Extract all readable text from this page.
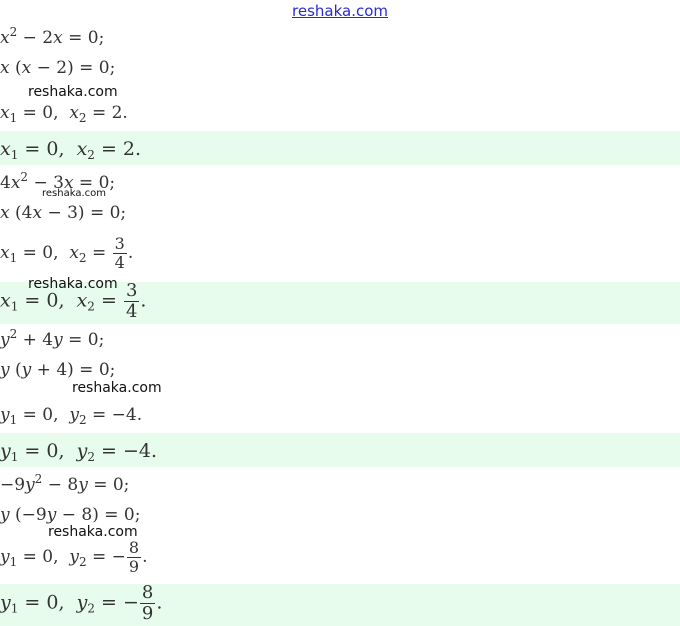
reshaka.com
$x^2 - 2x = 0$;
x (x − 2) = 0;
$x_1 = 0$,  $x_2 = 2$.
$x_1 = 0$,  $x_2 = 2$.
$4x^2 - 3x = 0$;
x (4x − 3) = 0;
$x_1 = 0$,  $x_2 = \frac{3}{4}$ .
$x_1 = 0$,  $x_2 = \frac{3}{4}$ .
$y^2 + 4y = 0$;
y (y + 4) = 0;
$y_1 = 0$,  $y_2 = -4$.
$y_1 = 0$,  $y_2 = -4$.
$-9y^2 - 8y = 0$;
y (−9y − 8) = 0;
$y_1 = 0$,  $y_2$ = − $\frac{8}{9}$ .
$y_1 = 0$,  $y_2$ = − $\frac{8}{9}$ .
reshaka.com
reshaka.com
reshaka.com
reshaka.com
reshaka.com
